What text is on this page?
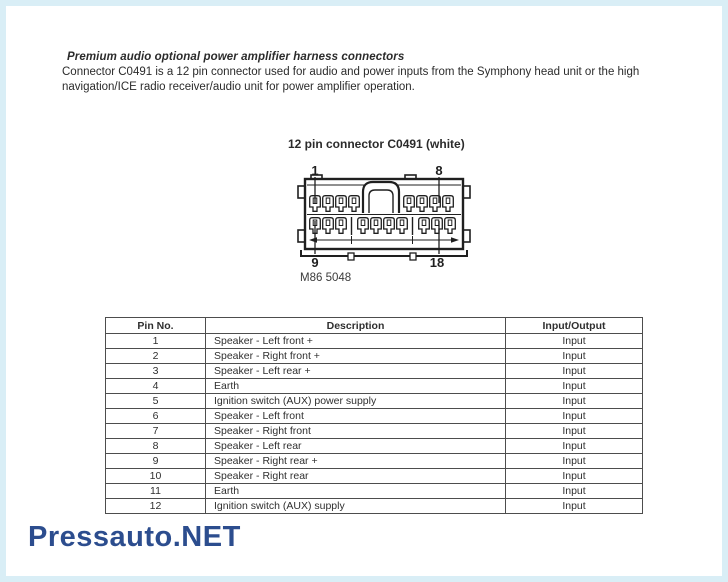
Premium audio optional power amplifier harness connectors
Connector C0491 is a 12 pin connector used for audio and power inputs from the Symphony head unit or the high
navigation/ICE radio receiver/audio unit for power amplifier operation.
12 pin connector C0491 (white)
1	8
9	18
M86 5048
Pin No.	Description	Input/Output
1	Speaker - Left front +	Input
2	Speaker - Right front +	Input
3	Speaker - Left rear +	Input
4	Earth	Input
5	Ignition switch (AUX) power supply	Input
6	Speaker - Left front	Input
7	Speaker - Right front	Input
8	Speaker - Left rear	Input
9	Speaker - Right rear +	Input
10	Speaker - Right rear	Input
11	Earth	Input
12	Ignition switch (AUX) supply	Input
Pressauto.NET
